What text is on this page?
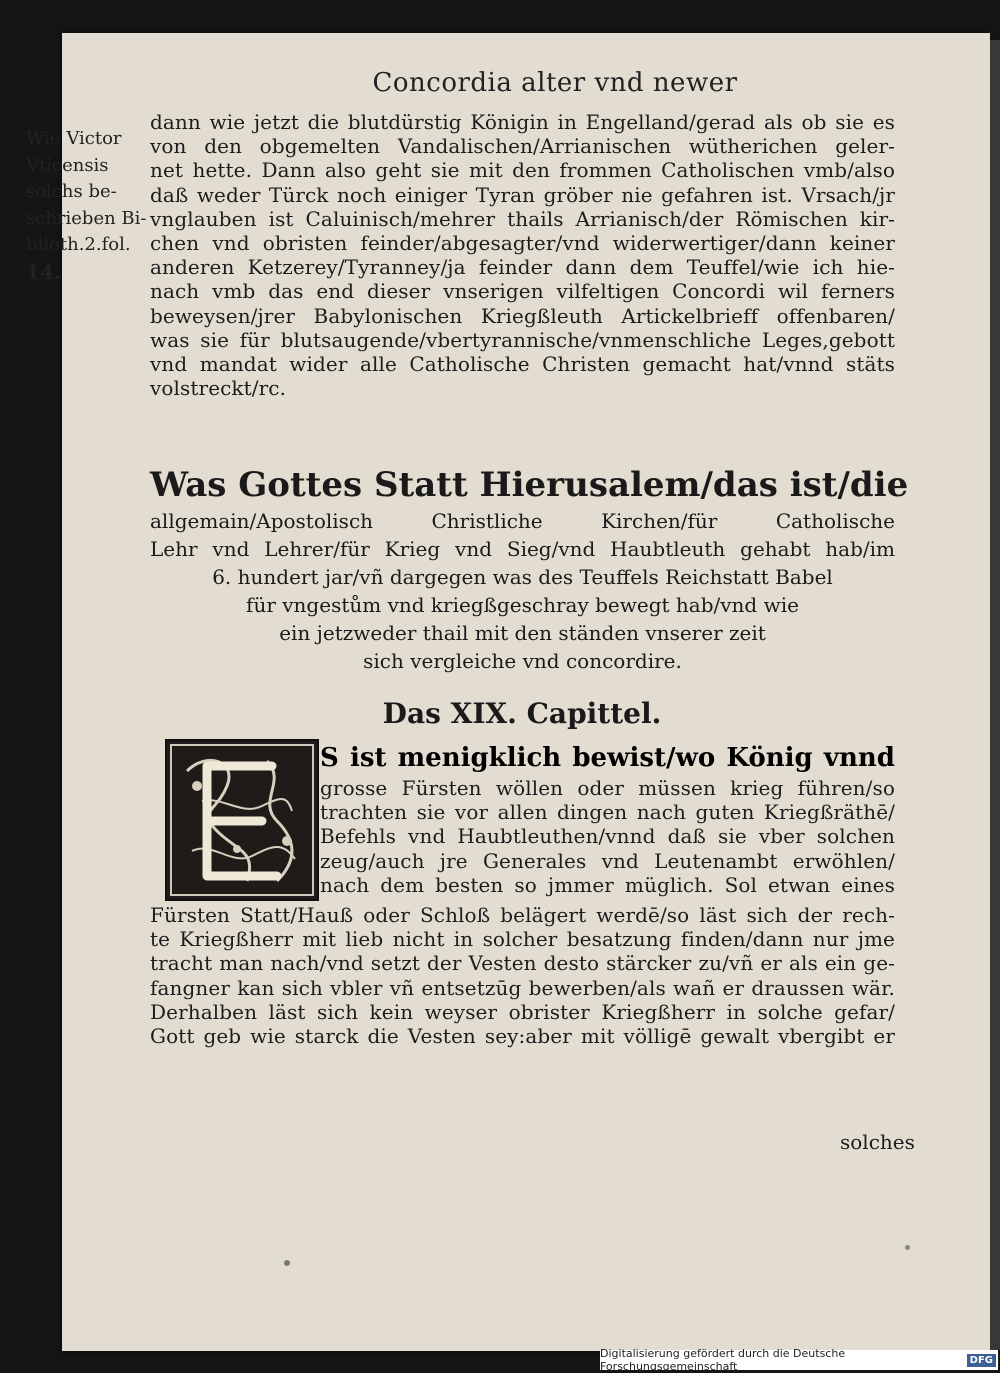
Concordia alter vnd newer
Wie Victor
Vticensis
solchs be-
schrieben Bi-
blioth.2.fol.
14.
dann wie jetzt die blutdürstig Königin in Engelland/gerad als ob sie es
von den obgemelten Vandalischen/Arrianischen wütherichen geler-
net hette. Dann also geht sie mit den frommen Catholischen vmb/also
daß weder Türck noch einiger Tyran gröber nie gefahren ist. Vrsach/jr
vnglauben ist Caluinisch/mehrer thails Arrianisch/der Römischen kir-
chen vnd obristen feinder/abgesagter/vnd widerwertiger/dann keiner
anderen Ketzerey/Tyranney/ja feinder dann dem Teuffel/wie ich hie-
nach vmb das end dieser vnserigen vilfeltigen Concordi wil ferners
beweysen/jrer Babylonischen Kriegßleuth Artickelbrieff offenbaren/
was sie für blutsaugende/vbertyrannische/vnmenschliche Leges,gebott
vnd mandat wider alle Catholische Christen gemacht hat/vnnd stäts
volstreckt/rc.
Was Gottes Statt Hierusalem/das ist/die
allgemain/Apostolisch Christliche Kirchen/für Catholische
Lehr vnd Lehrer/für Krieg vnd Sieg/vnd Haubtleuth gehabt hab/im
6. hundert jar/vñ dargegen was des Teuffels Reichstatt Babel
für vngestům vnd kriegßgeschray bewegt hab/vnd wie
ein jetzweder thail mit den ständen vnserer zeit
sich vergleiche vnd concordire.
Das XIX. Capittel.
S ist menigklich bewist/wo König vnnd
grosse Fürsten wöllen oder müssen krieg führen/so
trachten sie vor allen dingen nach guten Kriegßräthē/
Befehls vnd Haubtleuthen/vnnd daß sie vber solchen
zeug/auch jre Generales vnd Leutenambt erwöhlen/
nach dem besten so jmmer müglich. Sol etwan eines
Fürsten Statt/Hauß oder Schloß belägert werdē/so läst sich der rech-
te Kriegßherr mit lieb nicht in solcher besatzung finden/dann nur jme
tracht man nach/vnd setzt der Vesten desto stärcker zu/vñ er als ein ge-
fangner kan sich vbler vñ entsetzūg bewerben/als wañ er draussen wär.
Derhalben läst sich kein weyser obrister Kriegßherr in solche gefar/
Gott geb wie starck die Vesten sey:aber mit völligē gewalt vbergibt er
solches
Digitalisierung gefördert durch die Deutsche Forschungsgemeinschaft	DFG
